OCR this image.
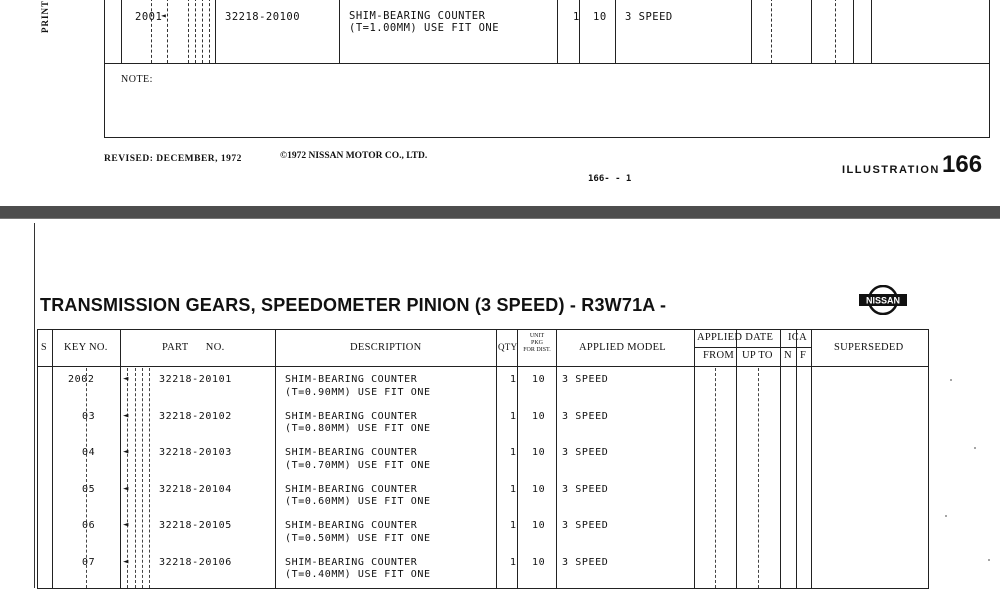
PRINT	2001
◄	32218-20100	SHIM-BEARING COUNTER
(T=1.00MM) USE FIT ONE
1 10 3 SPEED
NOTE:
REVISED: DECEMBER, 1972	©1972 NISSAN MOTOR CO., LTD.
166- - 1
ILLUSTRATION 166
TRANSMISSION GEARS, SPEEDOMETER PINION (3 SPEED) - R3W71A -	NISSAN
S KEY NO.	PART      NO.	DESCRIPTION	QTY
UNIT
PKG
FOR DIST.	APPLIED MODEL
APPLIED DATE
FROM UP TO
ICA
N F
SUPERSEDED
2002	◄	32218-20101	SHIM-BEARING COUNTER
(T=0.90MM) USE FIT ONE
1 10 3 SPEED
03	◄	32218-20102	SHIM-BEARING COUNTER
(T=0.80MM) USE FIT ONE
1 10 3 SPEED
04	◄	32218-20103	SHIM-BEARING COUNTER
(T=0.70MM) USE FIT ONE
1 10 3 SPEED
05	◄	32218-20104	SHIM-BEARING COUNTER
(T=0.60MM) USE FIT ONE
1 10 3 SPEED
06	◄	32218-20105	SHIM-BEARING COUNTER
(T=0.50MM) USE FIT ONE
1 10 3 SPEED
07	◄	32218-20106	SHIM-BEARING COUNTER
(T=0.40MM) USE FIT ONE
1 10 3 SPEED
